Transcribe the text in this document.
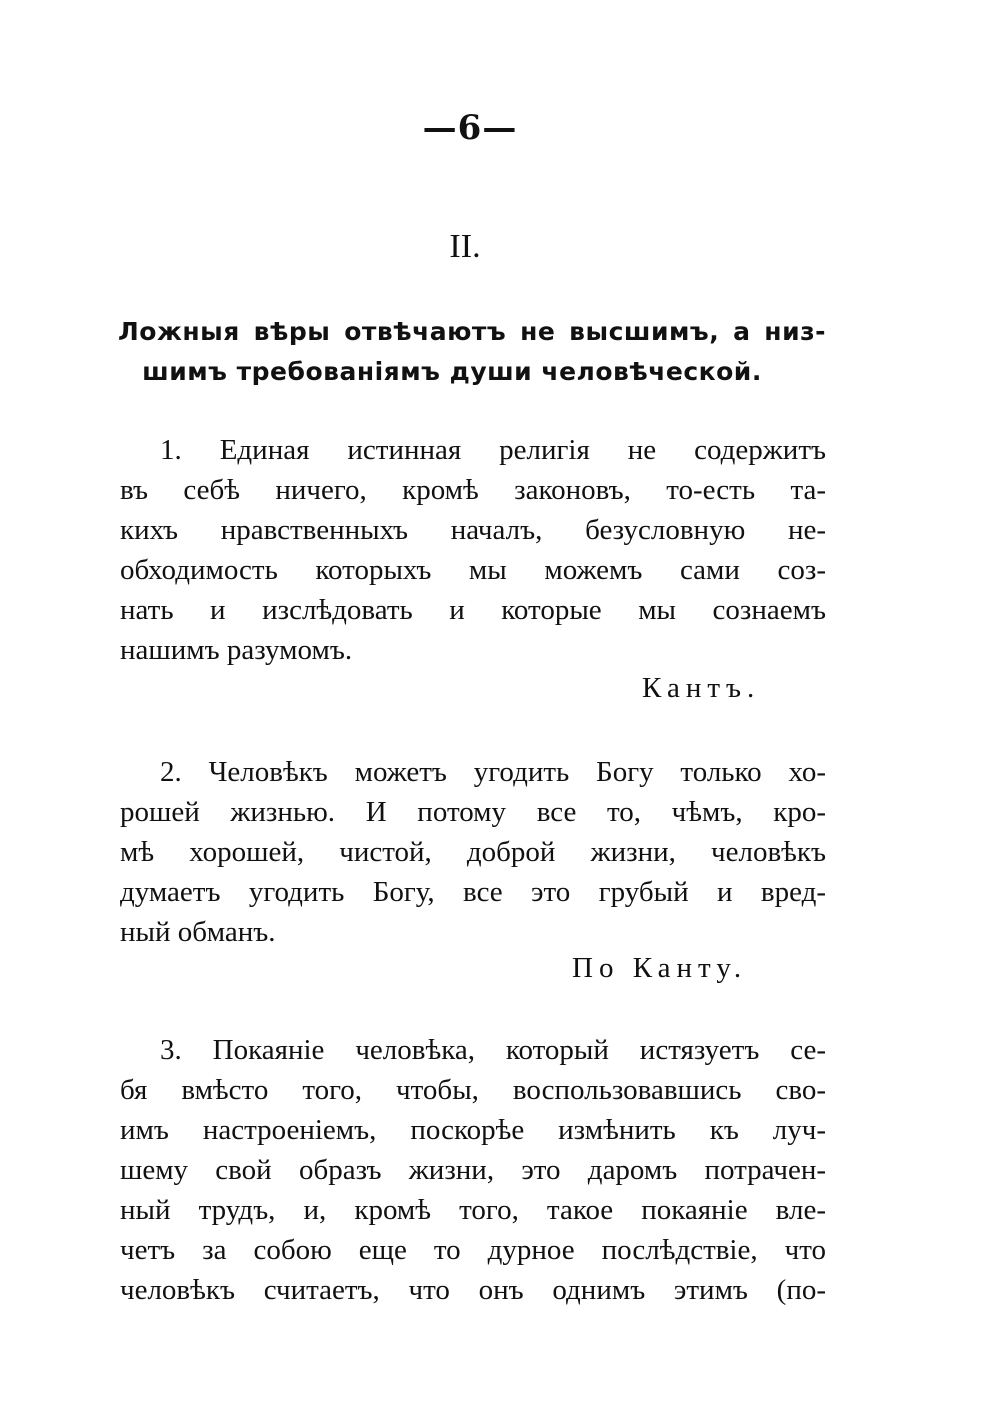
—6—
II.
Ложныя вѣры отвѣчаютъ не высшимъ, а низ-
шимъ требованіямъ души человѣческой.
1. Единая истинная религія не содержитъ
въ себѣ ничего, кромѣ законовъ, то-есть та-
кихъ нравственныхъ началъ, безусловную не-
обходимость которыхъ мы можемъ сами соз-
нать и изслѣдовать и которые мы сознаемъ
нашимъ разумомъ.
Кантъ.
2. Человѣкъ можетъ угодить Богу только хо-
рошей жизнью. И потому все то, чѣмъ, кро-
мѣ хорошей, чистой, доброй жизни, человѣкъ
думаетъ угодить Богу, все это грубый и вред-
ный обманъ.
По Канту.
3. Покаяніе человѣка, который истязуетъ се-
бя вмѣсто того, чтобы, воспользовавшись сво-
имъ настроеніемъ, поскорѣе измѣнить къ луч-
шему свой образъ жизни, это даромъ потрачен-
ный трудъ, и, кромѣ того, такое покаяніе вле-
четъ за собою еще то дурное послѣдствіе, что
человѣкъ считаетъ, что онъ однимъ этимъ (по-
